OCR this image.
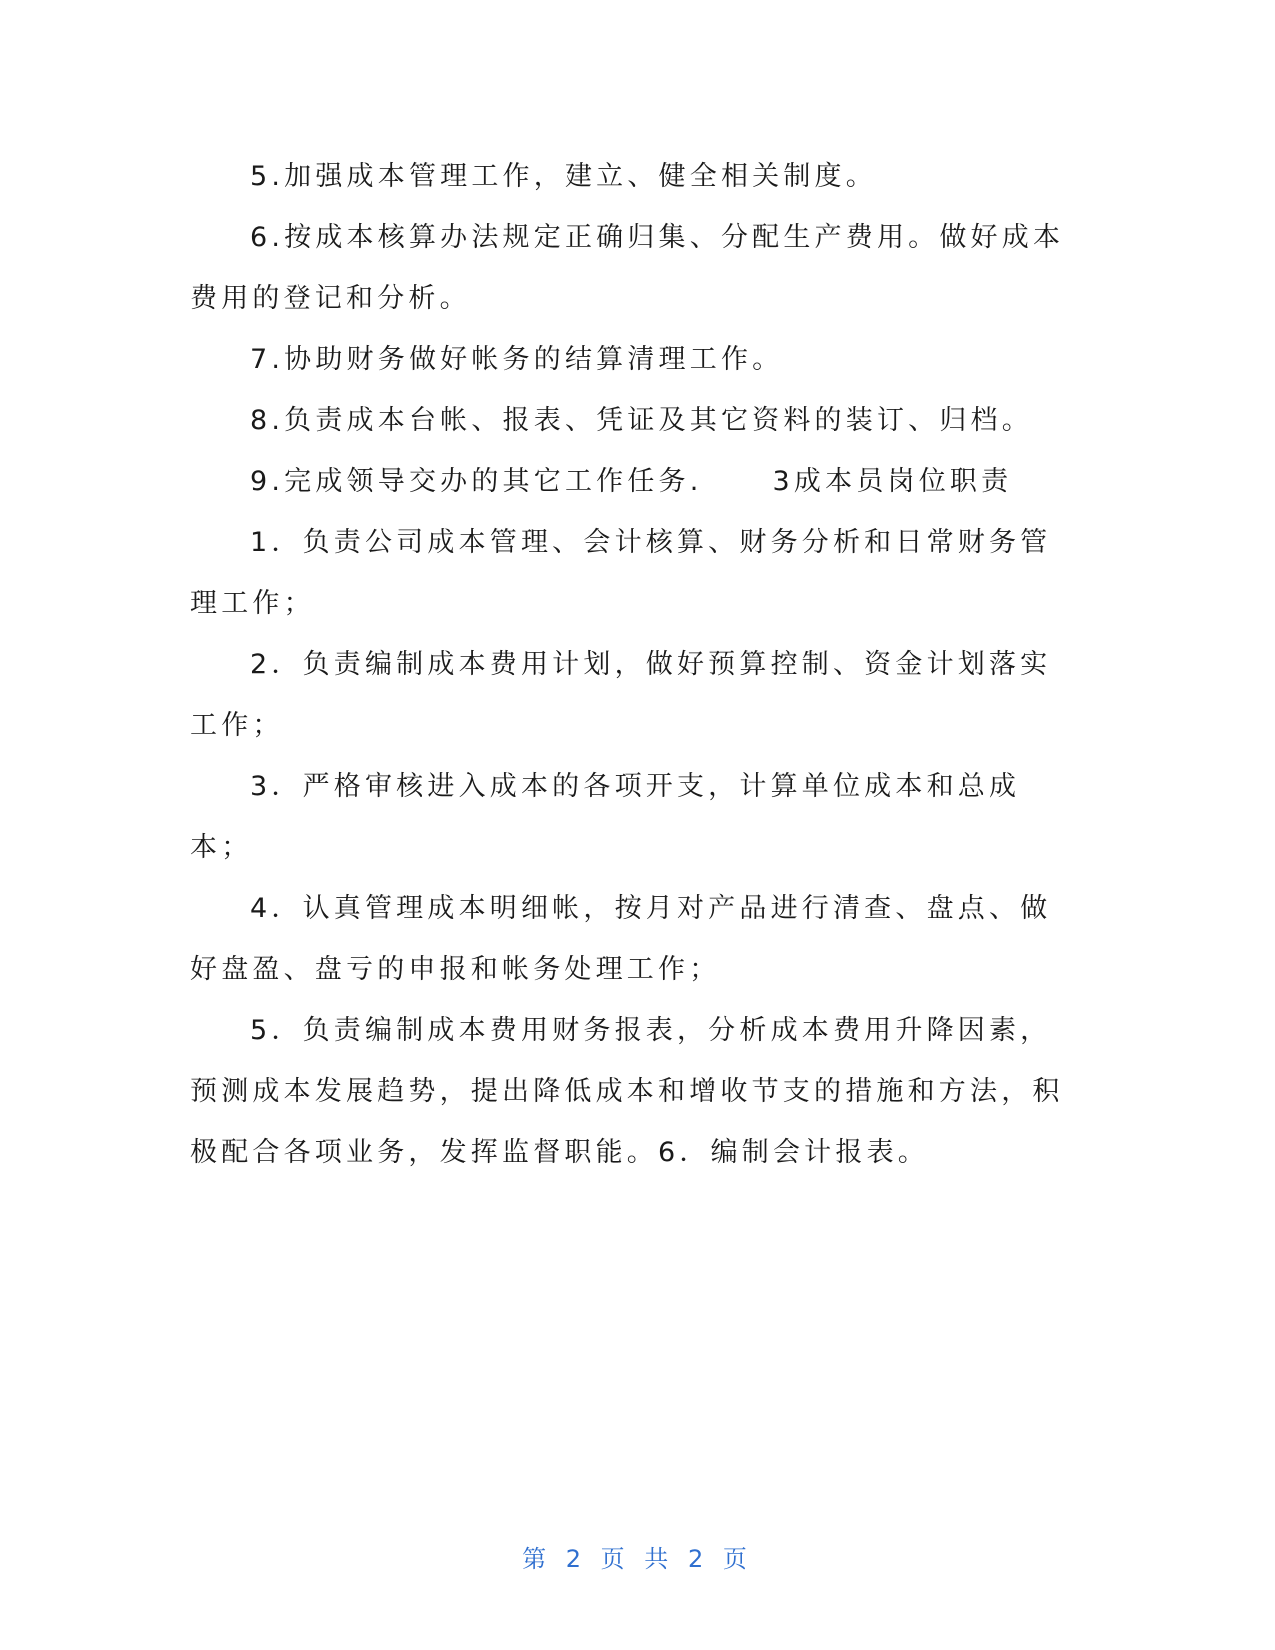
5.加强成本管理工作，建立、健全相关制度。

6.按成本核算办法规定正确归集、分配生产费用。做好成本费用的登记和分析。

7.协助财务做好帐务的结算清理工作。

8.负责成本台帐、报表、凭证及其它资料的装订、归档。

9.完成领导交办的其它工作任务.	3成本员岗位职责

1．负责公司成本管理、会计核算、财务分析和日常财务管理工作；

2．负责编制成本费用计划，做好预算控制、资金计划落实工作；

3．严格审核进入成本的各项开支，计算单位成本和总成本；

4．认真管理成本明细帐，按月对产品进行清查、盘点、做好盘盈、盘亏的申报和帐务处理工作；

5．负责编制成本费用财务报表，分析成本费用升降因素，预测成本发展趋势，提出降低成本和增收节支的措施和方法，积极配合各项业务，发挥监督职能。6．编制会计报表。

第 2 页 共 2 页
